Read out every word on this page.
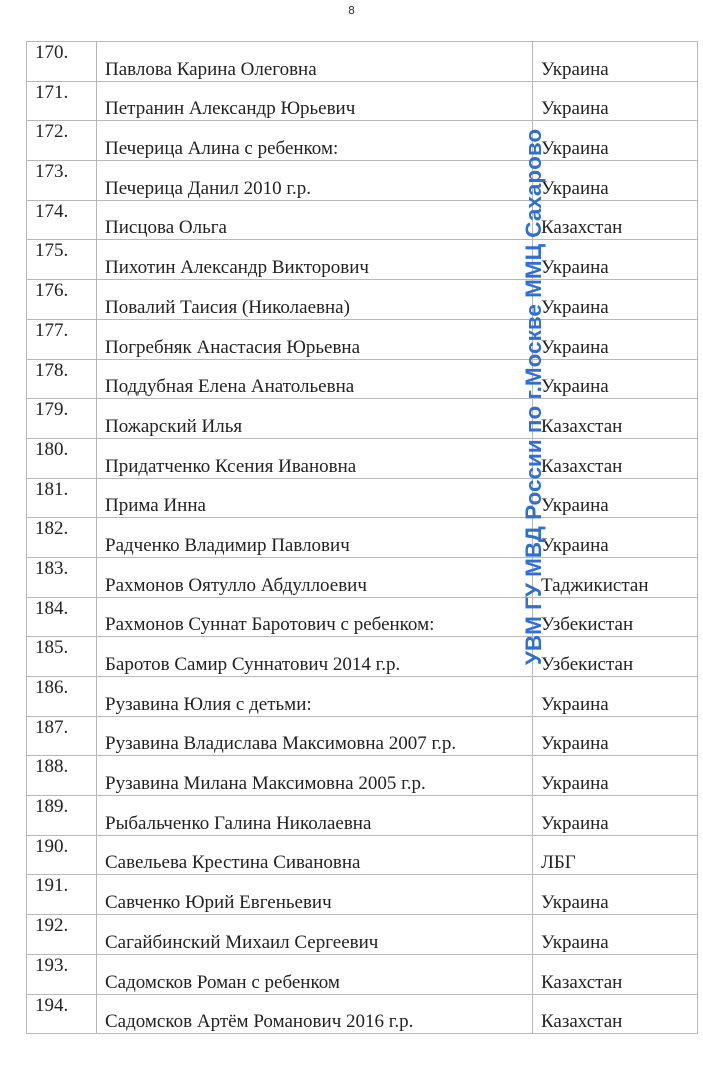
8
170.	Павлова Карина Олеговна	Украина
171.	Петранин Александр Юрьевич	Украина
172.	Печерица Алина с ребенком:	Украина
173.	Печерица Данил 2010 г.р.	Украина
174.	Писцова Ольга	Казахстан
175.	Пихотин Александр Викторович	Украина
176.	Повалий Таисия (Николаевна)	Украина
177.	Погребняк Анастасия Юрьевна	Украина
178.	Поддубная Елена Анатольевна	Украина
179.	Пожарский Илья	Казахстан
180.	Придатченко Ксения Ивановна	Казахстан
181.	Прима Инна	Украина
182.	Радченко Владимир Павлович	Украина
183.	Рахмонов Оятулло Абдуллоевич	Таджикистан
184.	Рахмонов Суннат Баротович с ребенком:	Узбекистан
185.	Баротов Самир Суннатович 2014 г.р.	Узбекистан
186.	Рузавина Юлия с детьми:	Украина
187.	Рузавина Владислава Максимовна 2007 г.р.	Украина
188.	Рузавина Милана Максимовна 2005 г.р.	Украина
189.	Рыбальченко Галина Николаевна	Украина
190.	Савельева Крестина Сивановна	ЛБГ
191.	Савченко Юрий Евгеньевич	Украина
192.	Сагайбинский Михаил Сергеевич	Украина
193.	Садомсков Роман с ребенком	Казахстан
194.	Садомсков Артём Романович 2016 г.р.	Казахстан
УВМ ГУ МВД России по г.Москве ММЦ Сахарово
